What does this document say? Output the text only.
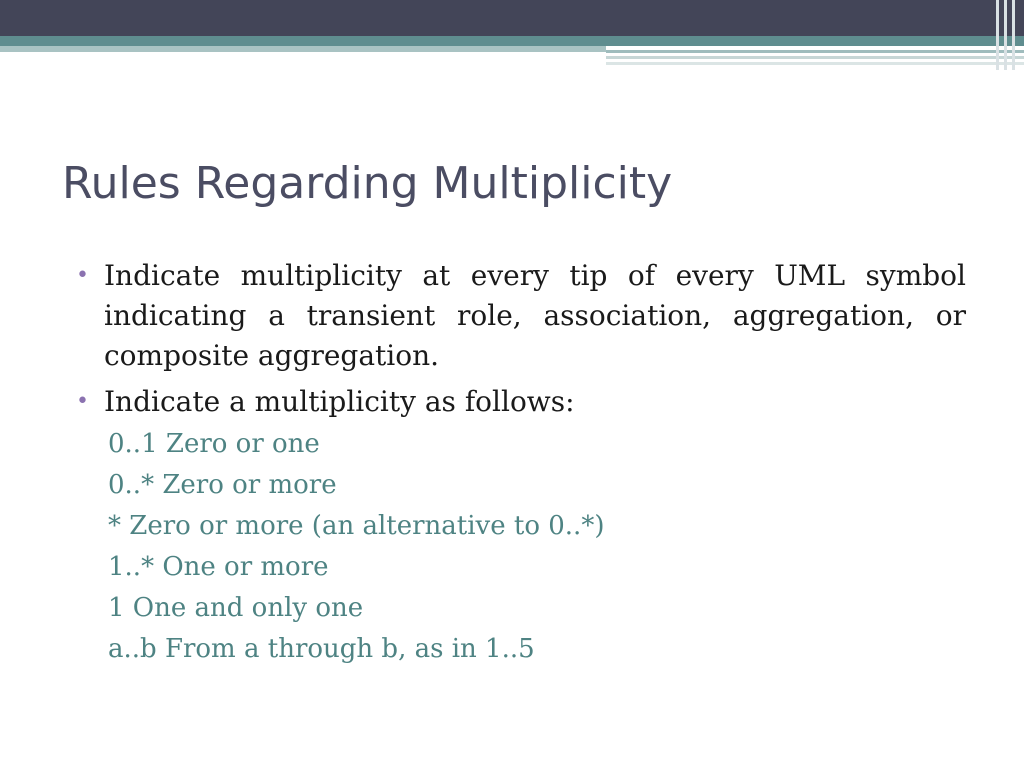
Rules Regarding Multiplicity
• Indicate multiplicity at every tip of every UML symbol indicating a transient role, association, aggregation, or composite aggregation.
• Indicate a multiplicity as follows:
0..1 Zero or one
0..* Zero or more
* Zero or more (an alternative to 0..*)
1..* One or more
1 One and only one
a..b From a through b, as in 1..5
